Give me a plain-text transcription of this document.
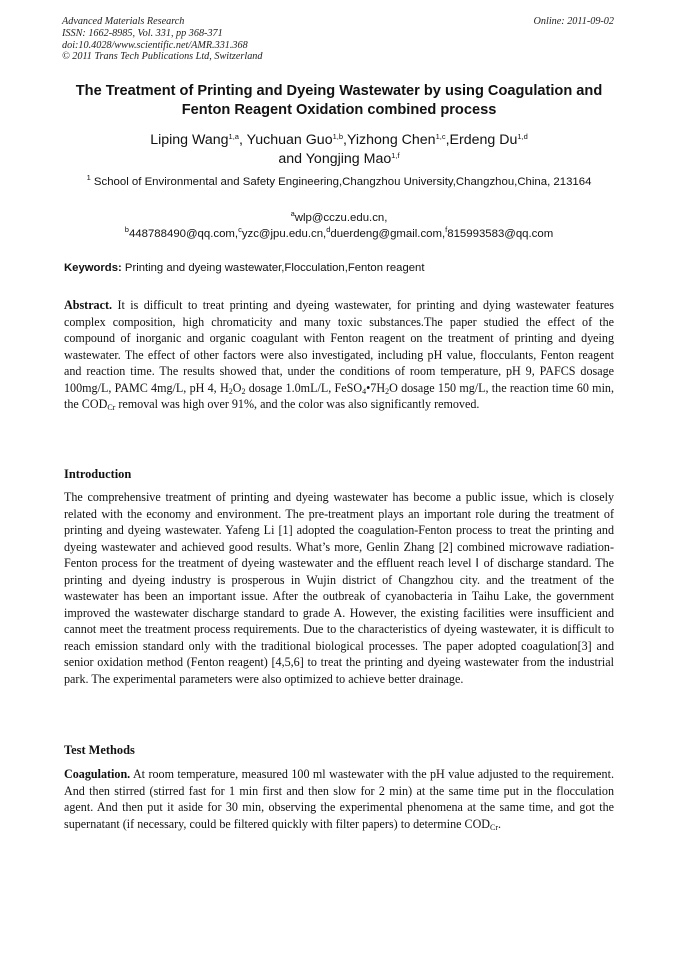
Advanced Materials Research
ISSN: 1662-8985, Vol. 331, pp 368-371
doi:10.4028/www.scientific.net/AMR.331.368
© 2011 Trans Tech Publications Ltd, Switzerland
Online: 2011-09-02
The Treatment of Printing and Dyeing Wastewater by using Coagulation and Fenton Reagent Oxidation combined process
Liping Wang$^{1,a}$, Yuchuan Guo$^{1,b}$,Yizhong Chen$^{1,c}$,Erdeng Du$^{1,d}$
and Yongjing Mao$^{1,f}$
$^1$ School of Environmental and Safety Engineering,Changzhou University,Changzhou,China, 213164
$^a$wlp@cczu.edu.cn,
$^b$448788490@qq.com,$^c$yzc@jpu.edu.cn,$^d$duerdeng@gmail.com,$^f$815993583@qq.com
Keywords: Printing and dyeing wastewater,Flocculation,Fenton reagent
Abstract. It is difficult to treat printing and dyeing wastewater, for printing and dying wastewater features complex composition, high chromaticity and many toxic substances.The paper studied the effect of the compound of inorganic and organic coagulant with Fenton reagent on the treatment of printing and dyeing wastewater. The effect of other factors were also investigated, including pH value, flocculants, Fenton reagent and reaction time. The results showed that, under the conditions of room temperature, pH 9, PAFCS dosage 100mg/L, PAMC 4mg/L, pH 4, $H_2O_2$ dosage 1.0mL/L, $FeSO_4•7H_2O$ dosage 150 mg/L, the reaction time 60 min, the $COD_{Cr}$ removal was high over 91%, and the color was also significantly removed.
Introduction
The comprehensive treatment of printing and dyeing wastewater has become a public issue, which is closely related with the economy and environment. The pre-treatment plays an important role during the treatment of printing and dyeing wastewater. Yafeng Li [1] adopted the coagulation-Fenton process to treat the printing and dyeing wastewater and achieved good results. What’s more, Genlin Zhang [2] combined microwave radiation-Fenton process for the treatment of dyeing wastewater and the effluent reach level Ⅰ of discharge standard. The printing and dyeing industry is prosperous in Wujin district of Changzhou city. and the treatment of the wastewater has been an important issue. After the outbreak of cyanobacteria in Taihu Lake, the government improved the wastewater discharge standard to grade A. However, the existing facilities were insufficient and cannot meet the treatment process requirements. Due to the characteristics of dyeing wastewater, it is difficult to reach emission standard only with the traditional biological processes. The paper adopted coagulation[3] and senior oxidation method (Fenton reagent) [4,5,6] to treat the printing and dyeing wastewater from the industrial park. The experimental parameters were also optimized to achieve better drainage.
Test Methods
Coagulation. At room temperature, measured 100 ml wastewater with the pH value adjusted to the requirement. And then stirred (stirred fast for 1 min first and then slow for 2 min) at the same time put in the flocculation agent. And then put it aside for 30 min, observing the experimental phenomena at the same time, and got the supernatant (if necessary, could be filtered quickly with filter papers) to determine $COD_{Cr}$.
